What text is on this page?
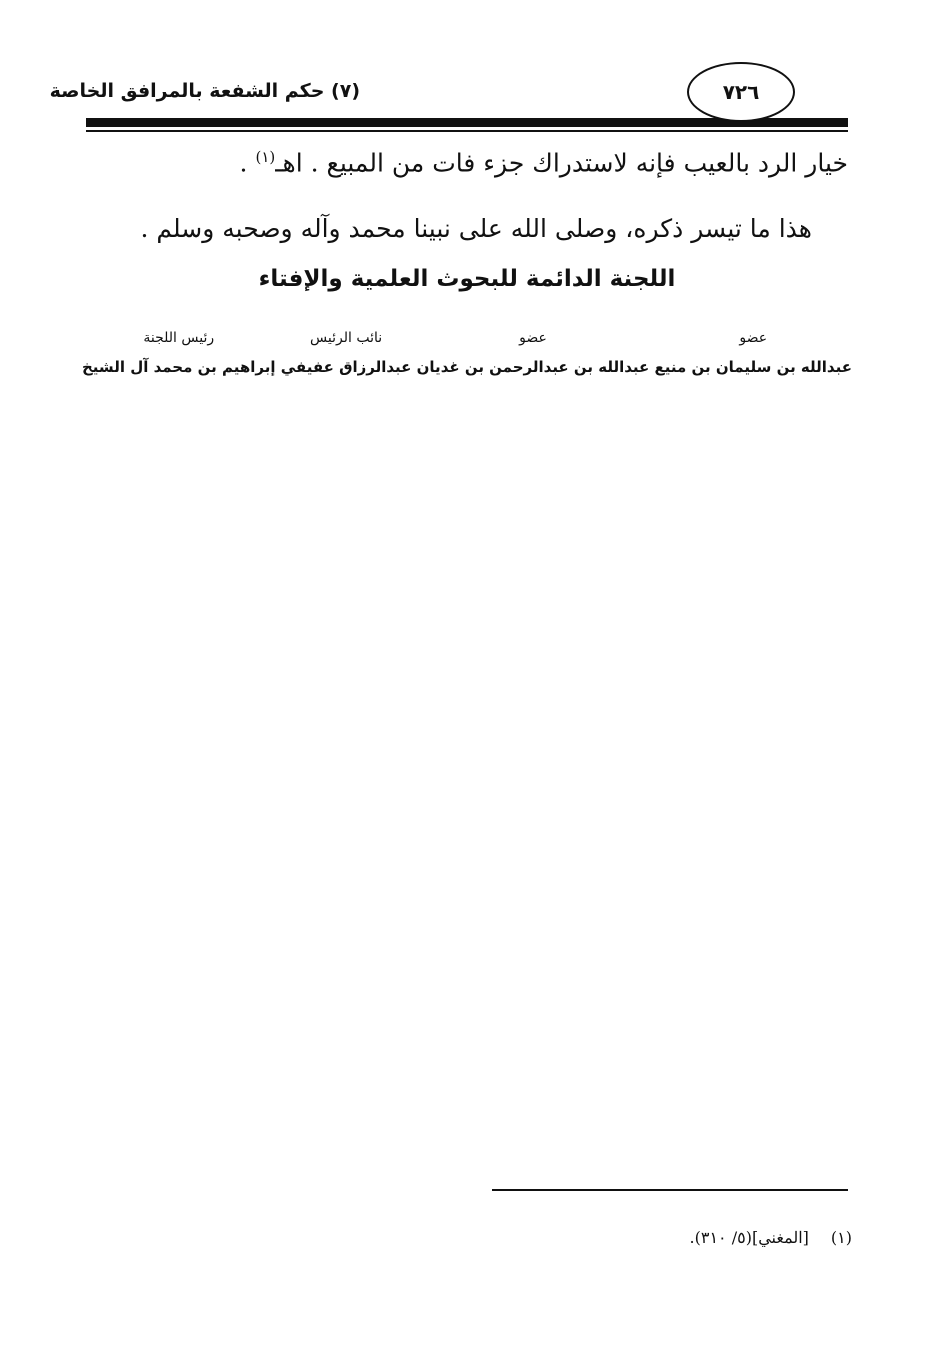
(٧) حكم الشفعة بالمرافق الخاصة	٧٢٦
خيار الرد بالعيب فإنه لاستدراك جزء فات من المبيع . اهـ$^{(١)}$ .
هذا ما تيسر ذكره، وصلى الله على نبينا محمد وآله وصحبه وسلم .
اللجنة الدائمة للبحوث العلمية والإفتاء
عضو
عبدالله بن سليمان بن منيع
عضو
عبدالله بن عبدالرحمن بن غديان
نائب الرئيس
عبدالرزاق عفيفي
رئيس اللجنة
إبراهيم بن محمد آل الشيخ
(١)[المغني](٥/ ٣١٠).
